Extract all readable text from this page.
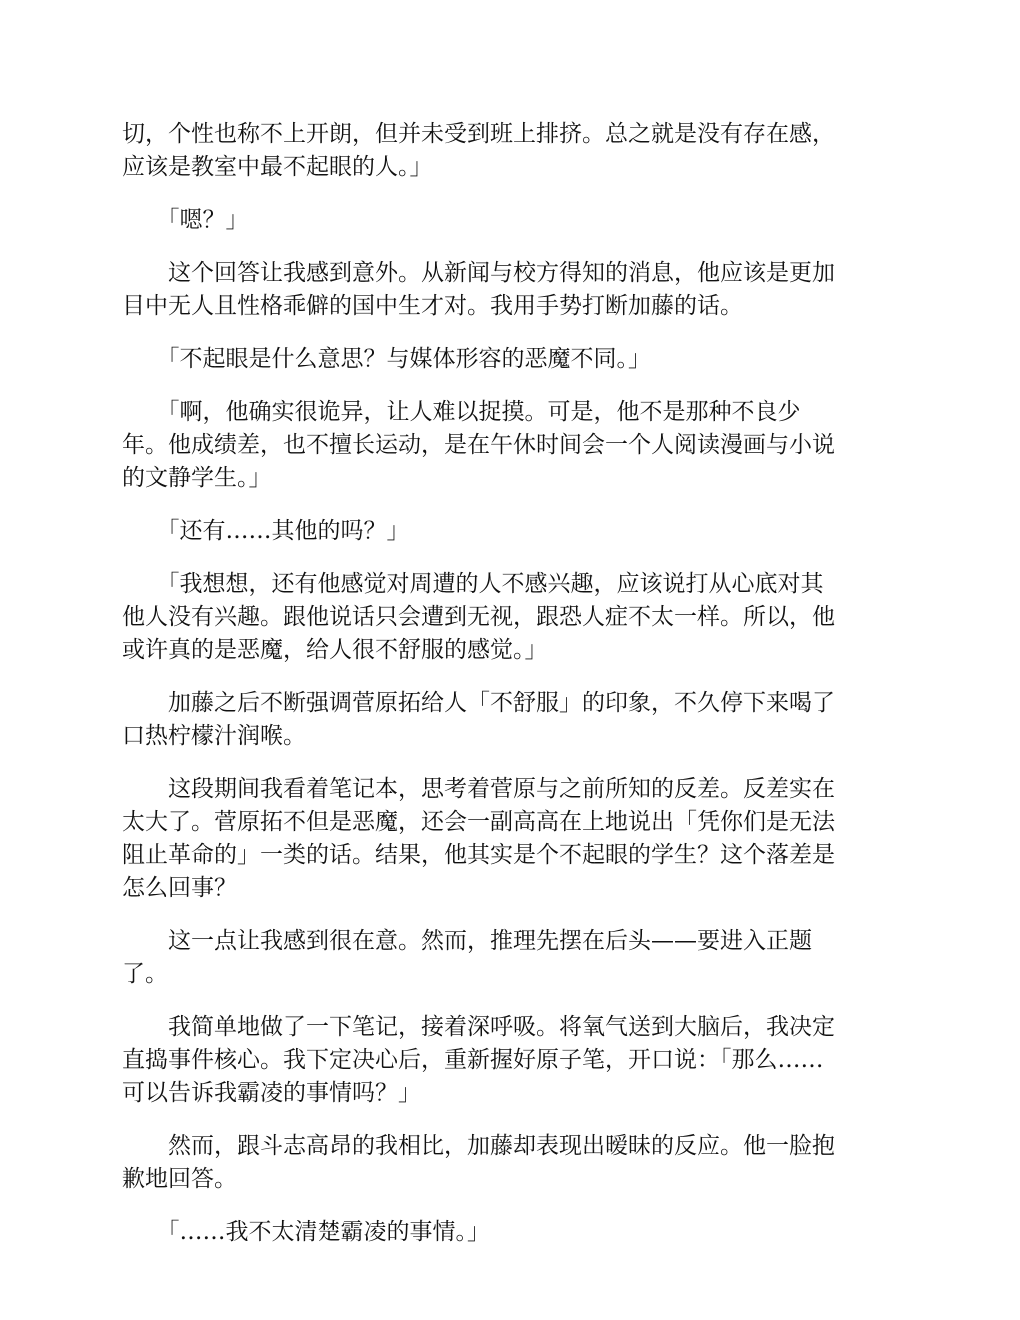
切，个性也称不上开朗，但并未受到班上排挤。总之就是没有存在感，
应该是教室中最不起眼的人。」
　　「嗯？」
　　这个回答让我感到意外。从新闻与校方得知的消息，他应该是更加
目中无人且性格乖僻的国中生才对。我用手势打断加藤的话。
　　「不起眼是什么意思？与媒体形容的恶魔不同。」
　　「啊，他确实很诡异，让人难以捉摸。可是，他不是那种不良少
年。他成绩差，也不擅长运动，是在午休时间会一个人阅读漫画与小说
的文静学生。」
　　「还有……其他的吗？」
　　「我想想，还有他感觉对周遭的人不感兴趣，应该说打从心底对其
他人没有兴趣。跟他说话只会遭到无视，跟恐人症不太一样。所以，他
或许真的是恶魔，给人很不舒服的感觉。」
　　加藤之后不断强调菅原拓给人「不舒服」的印象，不久停下来喝了
口热柠檬汁润喉。
　　这段期间我看着笔记本，思考着菅原与之前所知的反差。反差实在
太大了。菅原拓不但是恶魔，还会一副高高在上地说出「凭你们是无法
阻止革命的」一类的话。结果，他其实是个不起眼的学生？这个落差是
怎么回事？
　　这一点让我感到很在意。然而，推理先摆在后头——要进入正题
了。
　　我简单地做了一下笔记，接着深呼吸。将氧气送到大脑后，我决定
直捣事件核心。我下定决心后，重新握好原子笔，开口说：「那么……
可以告诉我霸凌的事情吗？」
　　然而，跟斗志高昂的我相比，加藤却表现出暧昧的反应。他一脸抱
歉地回答。
　　「……我不太清楚霸凌的事情。」
